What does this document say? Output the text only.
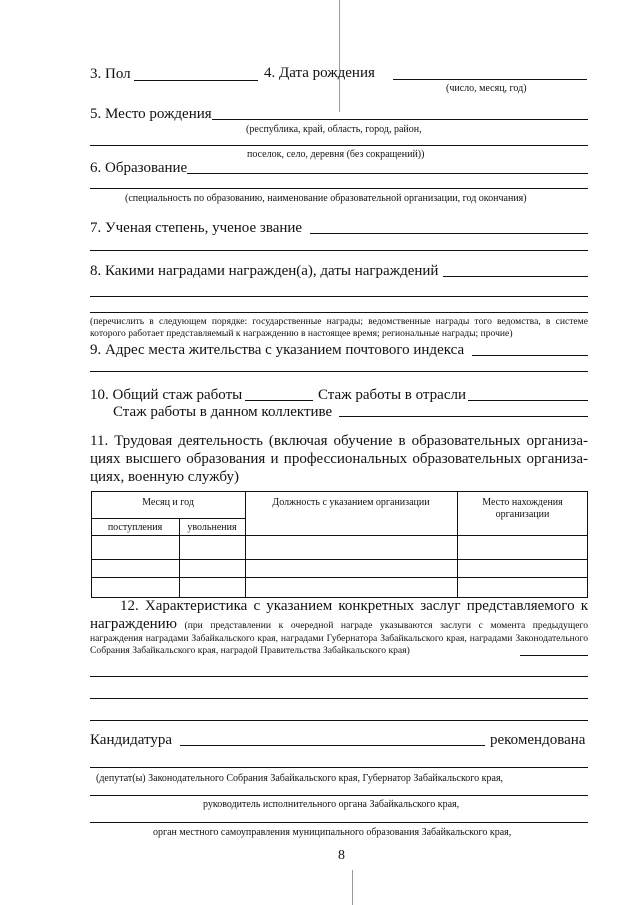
3. Пол	4. Дата рождения
(число, месяц, год)
5. Место рождения
(республика, край, область, город, район,
поселок, село, деревня (без сокращений))
6. Образование
(специальность по образованию, наименование образовательной организации, год окончания)
7. Ученая степень, ученое звание
8. Какими наградами награжден(а), даты награждений
(перечислить в следующем порядке: государственные награды; ведомственные награды того ведомства, в системе которого работает представляемый к награждению в настоящее время; региональные награды; прочие)
9. Адрес места жительства с указанием почтового индекса
10. Общий стаж работы	Стаж работы в отрасли
Стаж работы в данном коллективе
11. Трудовая деятельность (включая обучение в образовательных организа-
циях высшего образования и профессиональных образовательных организа-
циях, военную службу)
Месяц и год
поступления	увольнения
Должность с указанием организации	Место нахождения организации
12. Характеристика с указанием конкретных заслуг представляемого к
награждению (при представлении к очередной награде указываются заслуги с момента предыдущего награждения наградами Забайкальского края, наградами Губернатора Забайкальского края, наградами Законодательного Собрания Забайкальского края, наградой Правительства Забайкальского края)
Кандидатура	рекомендована
(депутат(ы) Законодательного Собрания Забайкальского края, Губернатор Забайкальского края,
руководитель исполнительного органа Забайкальского края,
орган местного самоуправления муниципального образования Забайкальского края,
8
